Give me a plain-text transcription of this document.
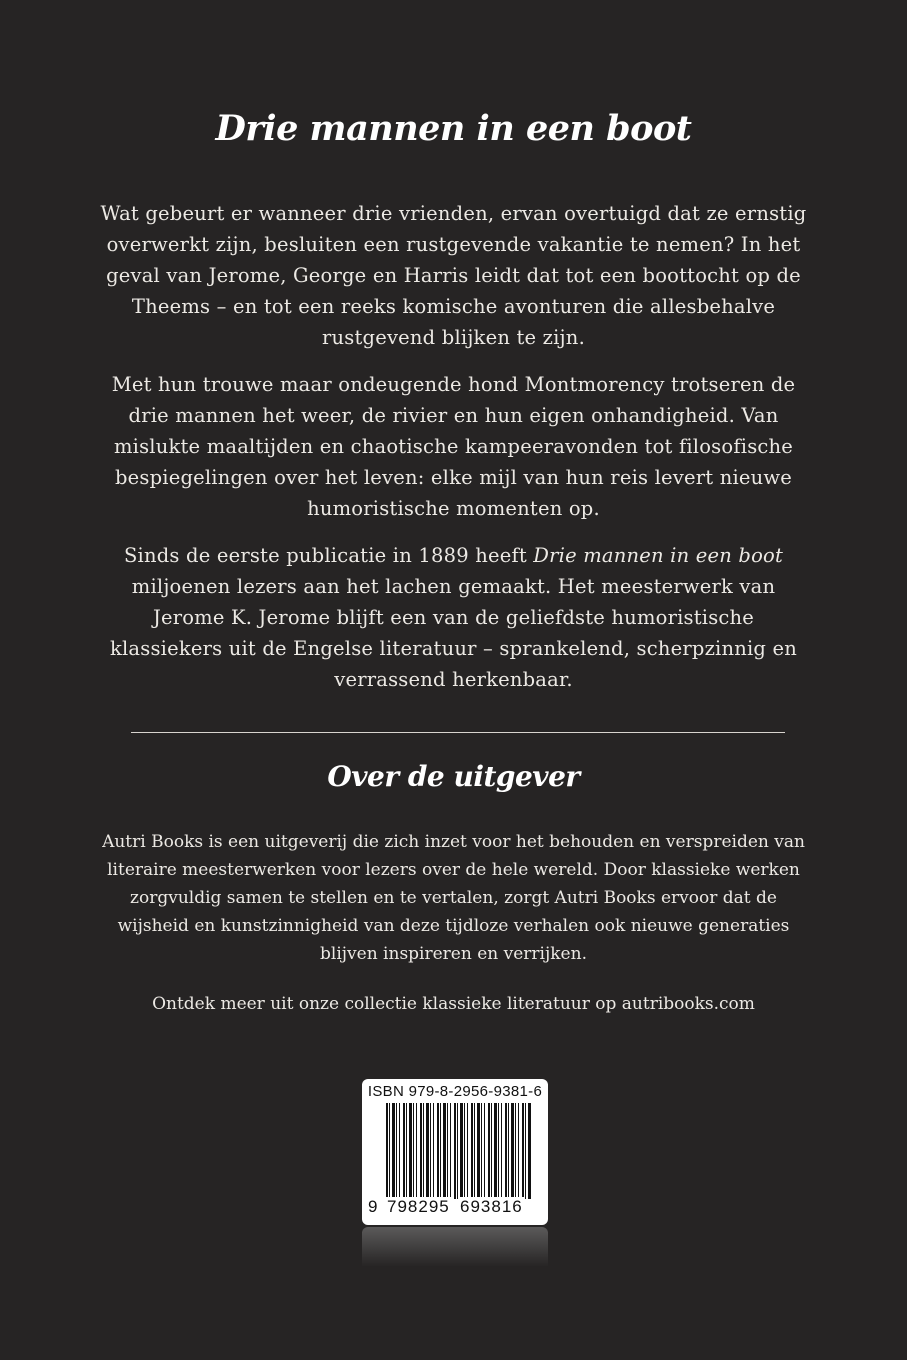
Drie mannen in een boot

Wat gebeurt er wanneer drie vrienden, ervan overtuigd dat ze ernstig overwerkt zijn, besluiten een rustgevende vakantie te nemen? In het geval van Jerome, George en Harris leidt dat tot een boottocht op de Theems – en tot een reeks komische avonturen die allesbehalve rustgevend blijken te zijn.

Met hun trouwe maar ondeugende hond Montmorency trotseren de drie mannen het weer, de rivier en hun eigen onhandigheid. Van mislukte maaltijden en chaotische kampeeravonden tot filosofische bespiegelingen over het leven: elke mijl van hun reis levert nieuwe humoristische momenten op.

Sinds de eerste publicatie in 1889 heeft Drie mannen in een boot miljoenen lezers aan het lachen gemaakt. Het meesterwerk van Jerome K. Jerome blijft een van de geliefdste humoristische klassiekers uit de Engelse literatuur – sprankelend, scherpzinnig en verrassend herkenbaar.

Over de uitgever

Autri Books is een uitgeverij die zich inzet voor het behouden en verspreiden van literaire meesterwerken voor lezers over de hele wereld. Door klassieke werken zorgvuldig samen te stellen en te vertalen, zorgt Autri Books ervoor dat de wijsheid en kunstzinnigheid van deze tijdloze verhalen ook nieuwe generaties blijven inspireren en verrijken.

Ontdek meer uit onze collectie klassieke literatuur op autribooks.com

ISBN 979-8-2956-9381-6
9 798295 693816
